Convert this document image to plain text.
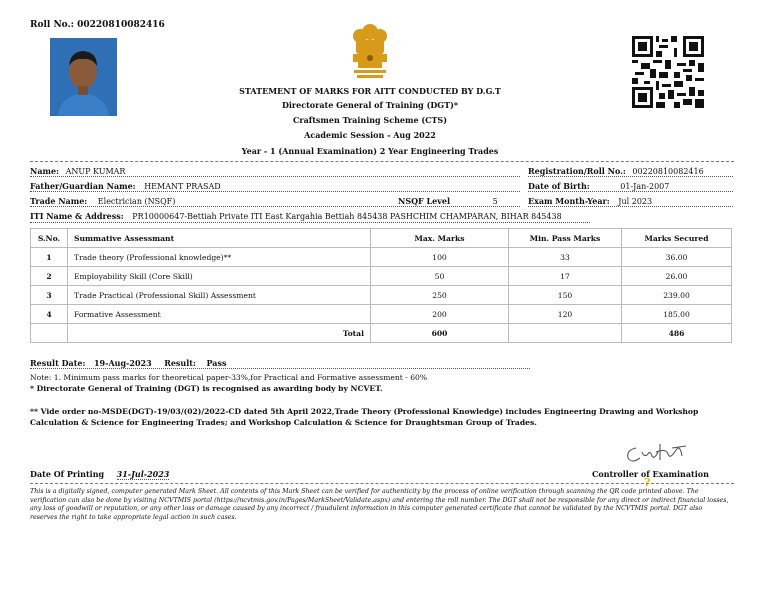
Roll No.: 00220810082416
STATEMENT OF MARKS FOR AITT CONDUCTED BY D.G.T
Directorate General of Training (DGT)*
Craftsmen Training Scheme (CTS)
Academic Session - Aug 2022
Year - 1 (Annual Examination) 2 Year Engineering Trades
Name: ANUP KUMAR	Registration/Roll No.: 00220810082416
Father/Guardian Name: HEMANT PRASAD	Date of Birth:	01-Jan-2007
Trade Name: Electrician (NSQF)	NSQF Level	5	Exam Month-Year: Jul 2023
ITI Name & Address: PR10000647-Bettiah Private ITI East Kargahia Bettiah 845438 PASHCHIM CHAMPARAN, BIHAR 845438
S.No.	Summative Assessmant	Max. Marks	Min. Pass Marks	Marks Secured
1	Trade theory (Professional knowledge)**	100	33	36.00
2	Employability Skill (Core Skill)	50	17	26.00
3	Trade Practical (Professional Skill) Assessment	250	150	239.00
4	Formative Assessment	200	120	185.00
	Total	600		486
Result Date: 19-Aug-2023 Result: Pass
Note: 1. Minimum pass marks for theoretical paper-33%,for Practical and Formative assessment - 60%
* Directorate General of Training (DGT) is recognised as awarding body by NCVET.
** Vide order no-MSDE(DGT)-19/03/(02)/2022-CD dated 5th April 2022,Trade Theory (Professional Knowledge) includes Engineering Drawing and Workshop Calculation & Science for Engineering Trades; and Workshop Calculation & Science for Draughtsman Group of Trades.
?
Date Of Printing 31-Jul-2023	Controller of Examination
This is a digitally signed, computer generated Mark Sheet. All contents of this Mark Sheet can be verified for authenticity by the process of online verification through scanning the QR code printed above. The verification can also be done by visiting NCVTMIS portal (https://ncvtmis.gov.in/Pages/MarkSheet/Validate.aspx) and entering the roll number. The DGT shall not be responsible for any direct or indirect financial losses, any loss of goodwill or reputation, or any other loss or damage caused by any incorrect / fraudulent information in this computer generated certificate that cannot be validated by the NCVTMIS portal. DGT also reserves the right to take appropriate legal action in such cases.
